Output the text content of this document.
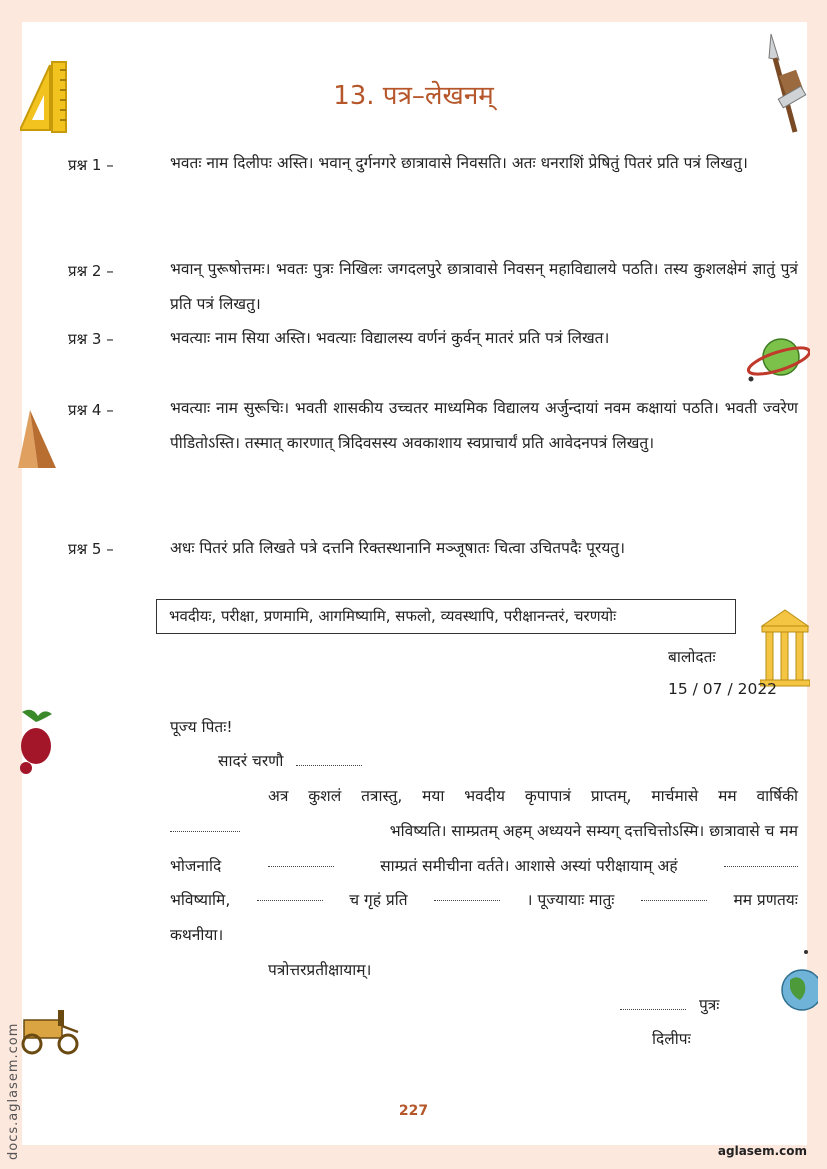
13. पत्र–लेखनम्
प्रश्न 1 –	भवतः नाम दिलीपः अस्ति। भवान् दुर्गनगरे छात्रावासे निवसति। अतः धनराशिं प्रेषितुं पितरं प्रति पत्रं लिखतु।
प्रश्न 2 –	भवान् पुरूषोत्तमः। भवतः पुत्रः निखिलः जगदलपुरे छात्रावासे निवसन् महाविद्यालये पठति। तस्य कुशलक्षेमं ज्ञातुं पुत्रं प्रति पत्रं लिखतु।
प्रश्न 3 –	भवत्याः नाम सिया अस्ति। भवत्याः विद्यालस्य वर्णनं कुर्वन् मातरं प्रति पत्रं लिखत।
प्रश्न 4 –	भवत्याः नाम सुरूचिः। भवती शासकीय उच्चतर माध्यमिक विद्यालय अर्जुन्दायां नवम कक्षायां पठति। भवती ज्वरेण पीडितोऽस्ति। तस्मात् कारणात् त्रिदिवसस्य अवकाशाय स्वप्राचार्यं प्रति आवेदनपत्रं लिखतु।
प्रश्न 5 –	अधः पितरं प्रति लिखते पत्रे दत्तनि रिक्तस्थानानि मञ्जूषातः चित्वा उचितपदैः पूरयतु।
भवदीयः, परीक्षा, प्रणमामि, आगमिष्यामि, सफलो, व्यवस्थापि, परीक्षानन्तरं, चरणयोः
बालोदतः
15 / 07 / 2022
पूज्य पितः!
सादरं चरणौ
अत्र कुशलं तत्रास्तु, मया भवदीय कृपापात्रं प्राप्तम्, मार्चमासे मम वार्षिकी
भविष्यति। साम्प्रतम् अहम् अध्ययने सम्यग् दत्तचित्तोऽस्मि। छात्रावासे च मम
भोजनादि	साम्प्रतं समीचीना वर्तते। आशासे अस्यां परीक्षायाम् अहं
भविष्यामि,	च गृहं प्रति	। पूज्यायाः मातुः	मम प्रणतयः
कथनीया।
पत्रोत्तरप्रतीक्षायाम्।
पुत्रः
दिलीपः
227
aglasem.com
docs.aglasem.com
